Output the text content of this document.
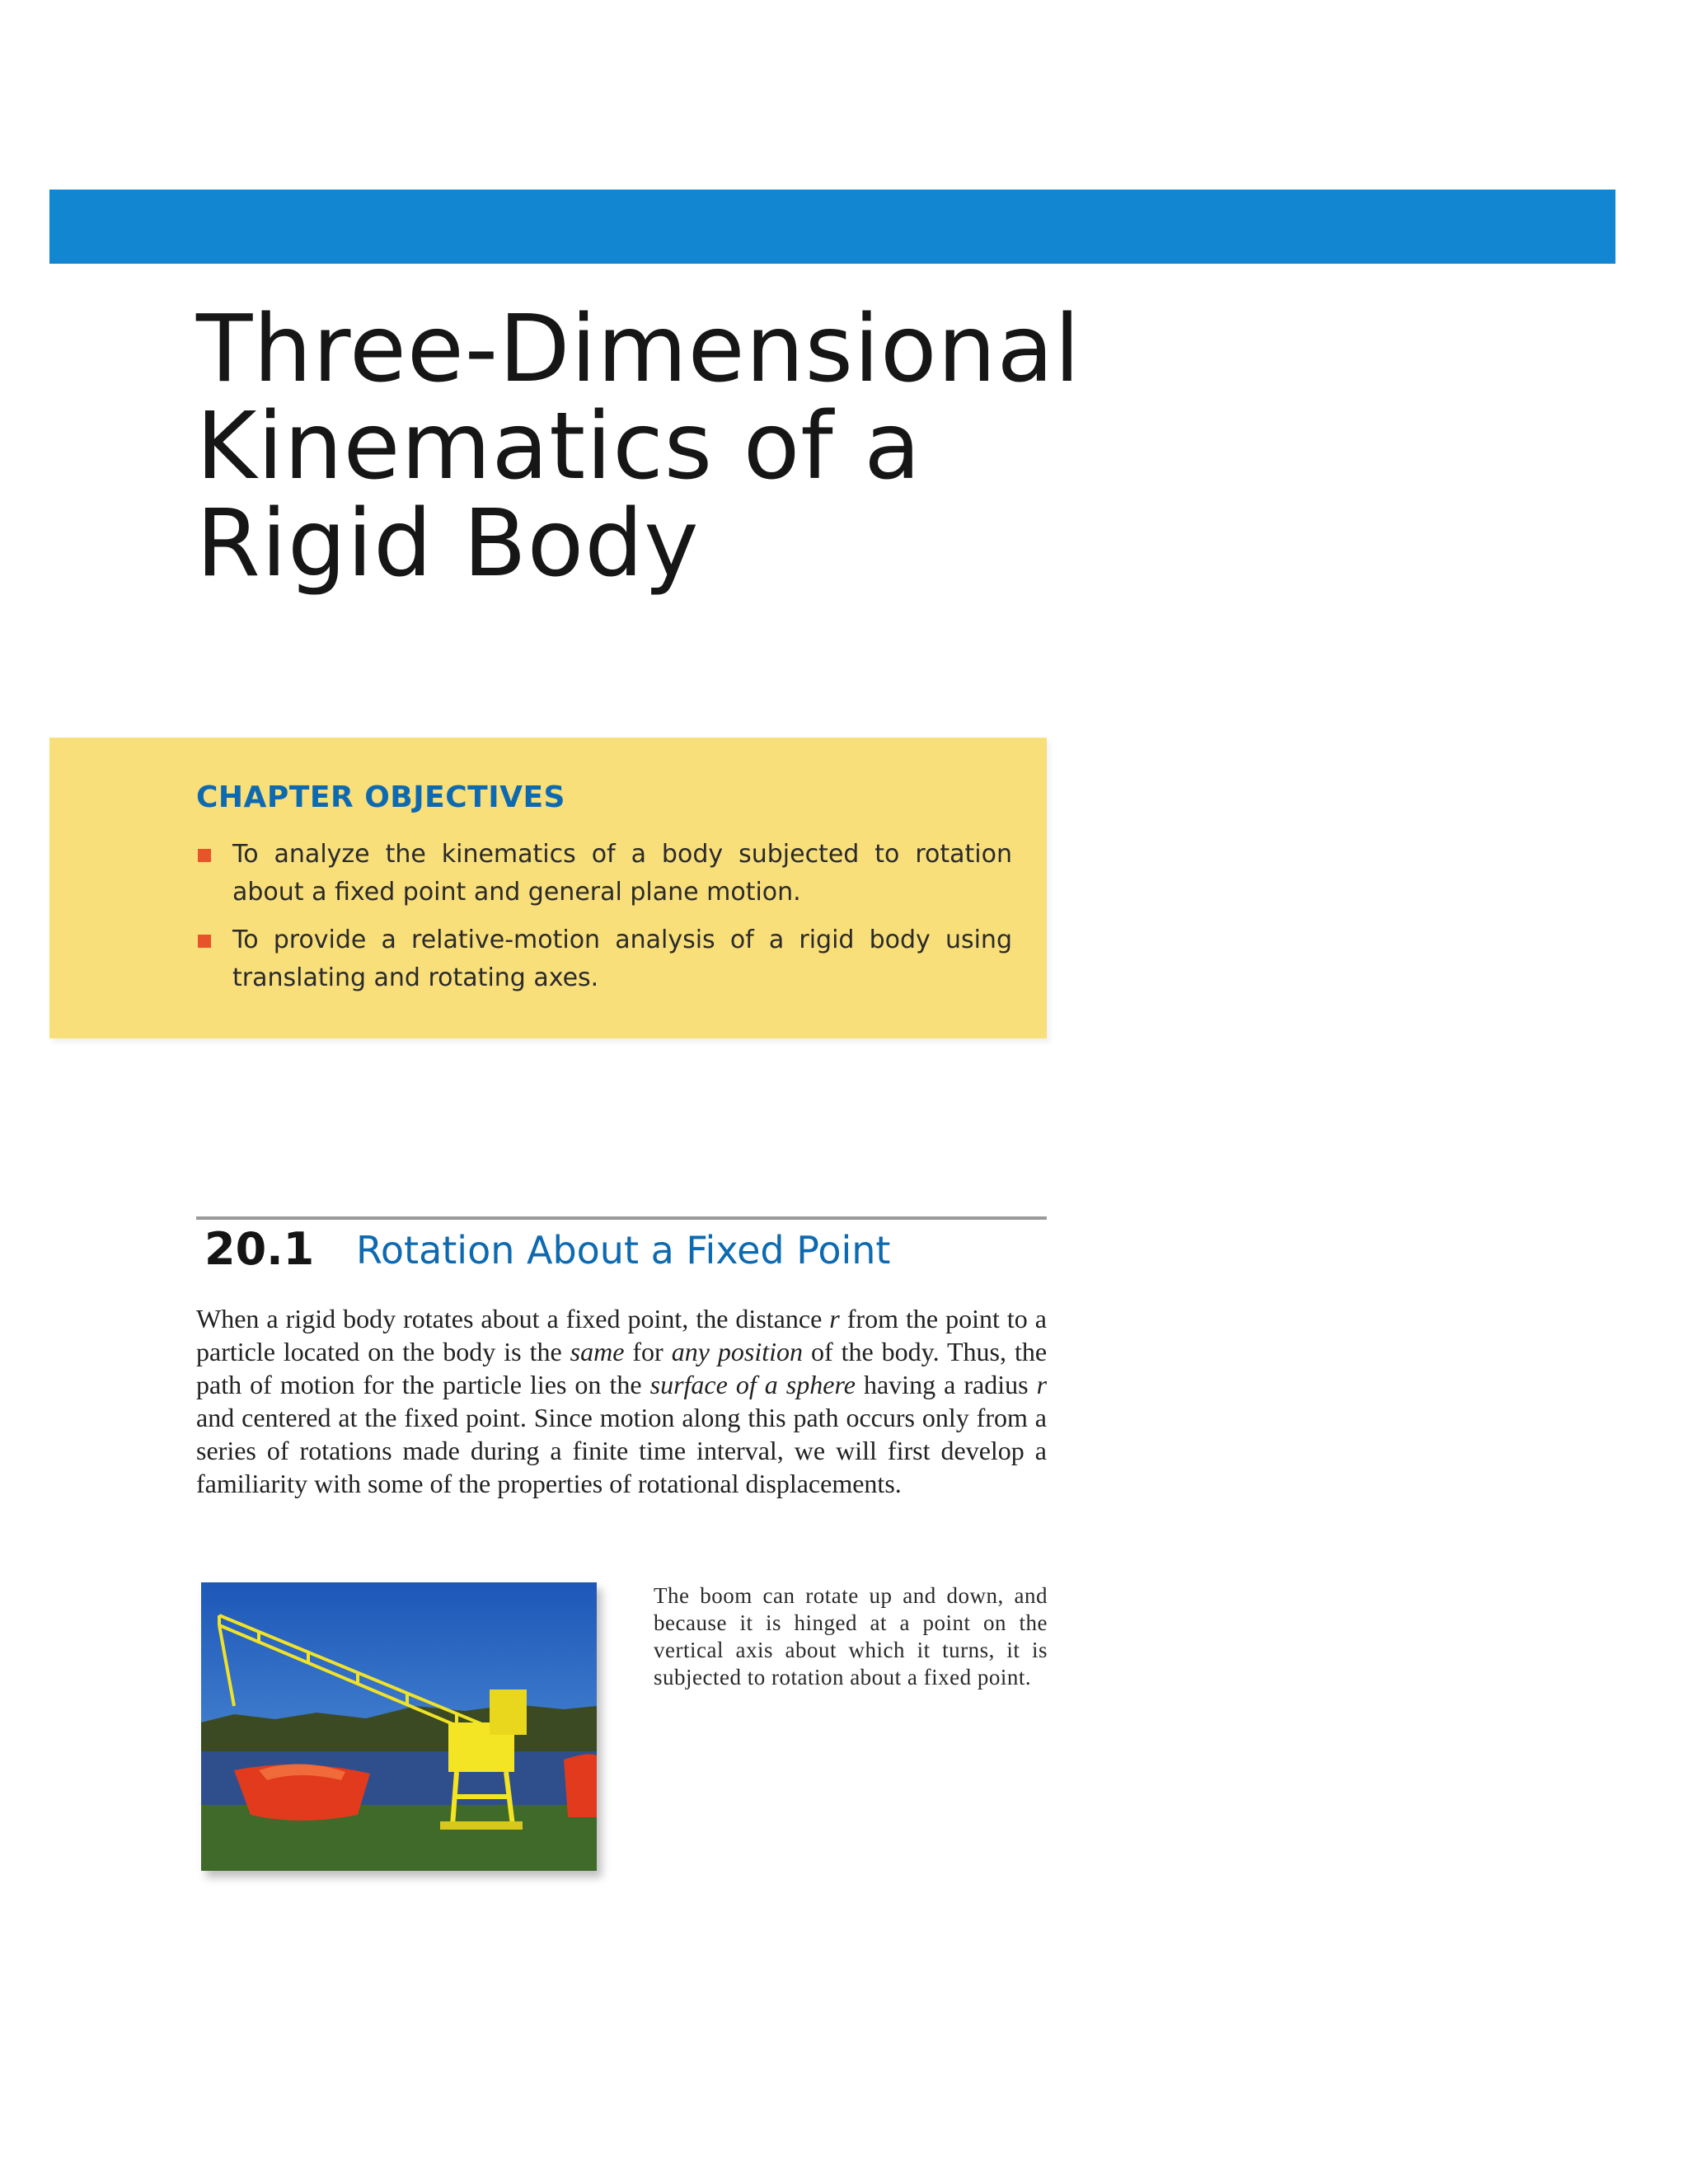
Three-Dimensional
Kinematics of a
Rigid Body
CHAPTER OBJECTIVES
To analyze the kinematics of a body subjected to rotation about a fixed point and general plane motion.
To provide a relative-motion analysis of a rigid body using translating and rotating axes.
20.1 Rotation About a Fixed Point

When a rigid body rotates about a fixed point, the distance r from the point to a particle located on the body is the same for any position of the body. Thus, the path of motion for the particle lies on the surface of a sphere having a radius r and centered at the fixed point. Since motion along this path occurs only from a series of rotations made during a finite time interval, we will first develop a familiarity with some of the properties of rotational displacements.

The boom can rotate up and down, and because it is hinged at a point on the vertical axis about which it turns, it is subjected to rotation about a fixed point.
